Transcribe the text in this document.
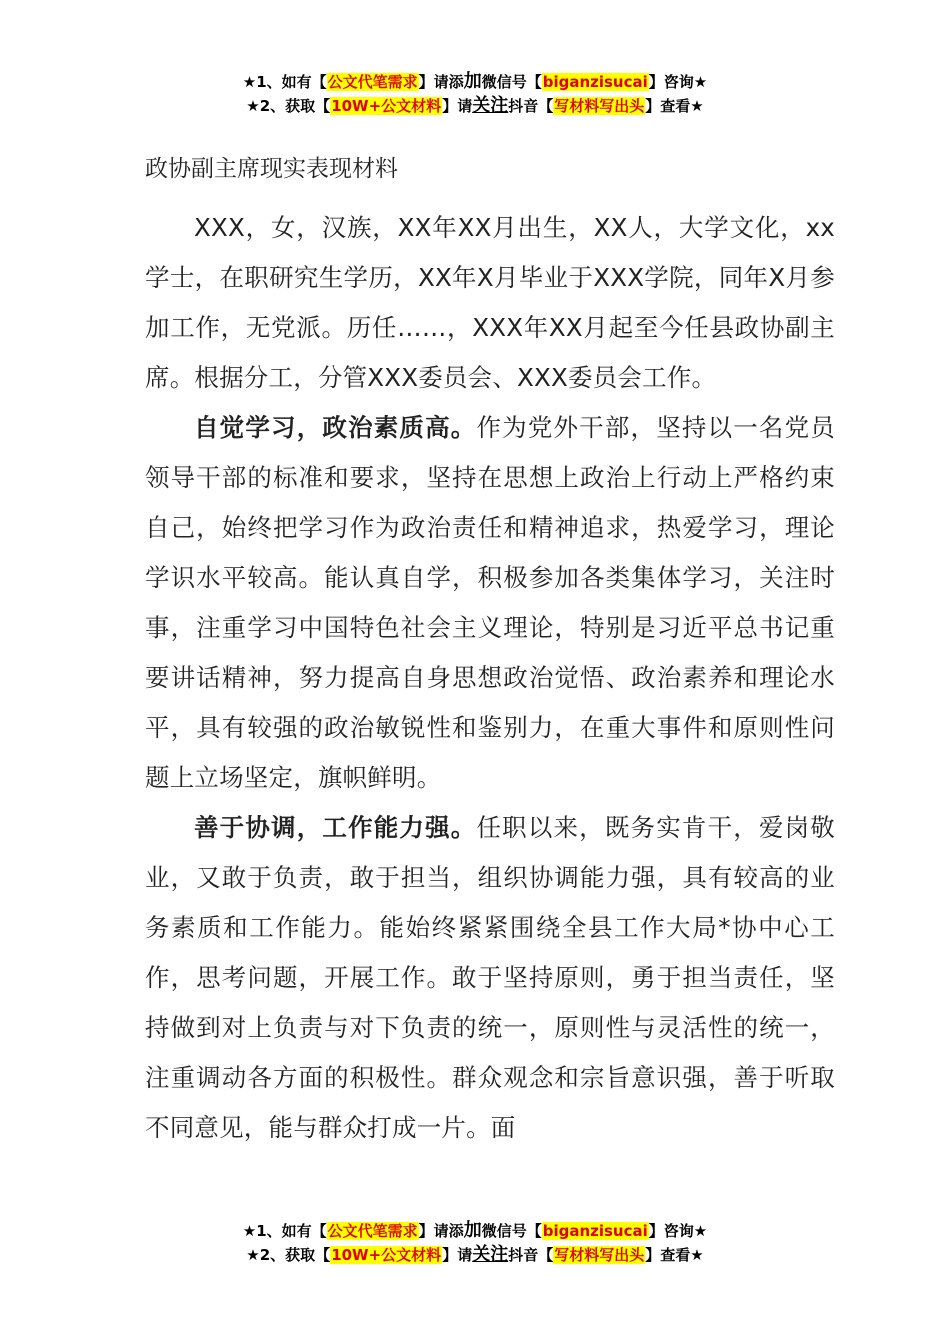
★1、如有【公文代笔需求】请添加微信号【biganzisucai】咨询★
★2、获取【10W+公文材料】请关注抖音【写材料写出头】查看★
政协副主席现实表现材料

XXX，女，汉族，XX年XX月出生，XX人，大学文化，xx学士，在职研究生学历，XX年X月毕业于XXX学院，同年X月参加工作，无党派。历任……，XXX年XX月起至今任县政协副主席。根据分工，分管XXX委员会、XXX委员会工作。

自觉学习，政治素质高。作为党外干部，坚持以一名党员领导干部的标准和要求，坚持在思想上政治上行动上严格约束自己，始终把学习作为政治责任和精神追求，热爱学习，理论学识水平较高。能认真自学，积极参加各类集体学习，关注时事，注重学习中国特色社会主义理论，特别是习近平总书记重要讲话精神，努力提高自身思想政治觉悟、政治素养和理论水平，具有较强的政治敏锐性和鉴别力，在重大事件和原则性问题上立场坚定，旗帜鲜明。

善于协调，工作能力强。任职以来，既务实肯干，爱岗敬业，又敢于负责，敢于担当，组织协调能力强，具有较高的业务素质和工作能力。能始终紧紧围绕全县工作大局*协中心工作，思考问题，开展工作。敢于坚持原则，勇于担当责任，坚持做到对上负责与对下负责的统一，原则性与灵活性的统一，注重调动各方面的积极性。群众观念和宗旨意识强，善于听取不同意见，能与群众打成一片。面

★1、如有【公文代笔需求】请添加微信号【biganzisucai】咨询★
★2、获取【10W+公文材料】请关注抖音【写材料写出头】查看★
